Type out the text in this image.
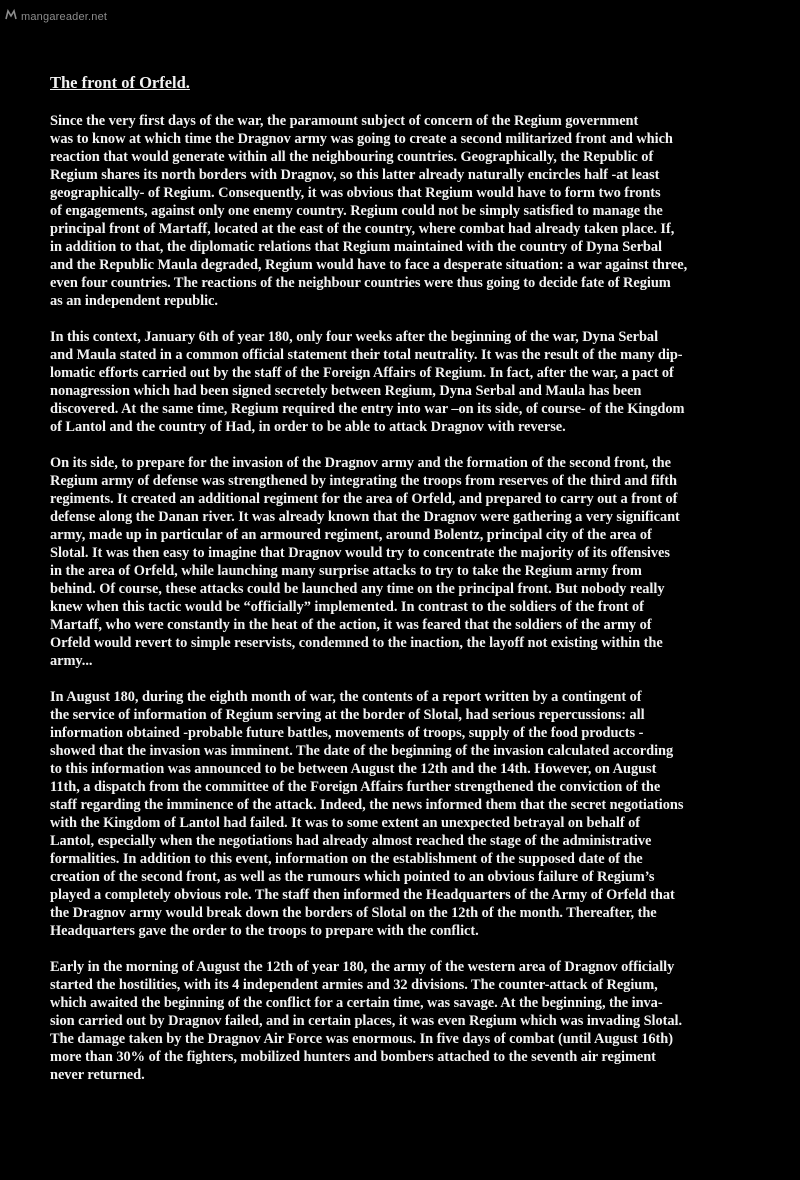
mangareader.net
The front of Orfeld.
Since the very first days of the war, the paramount subject of concern of the Regium government
was to know at which time the Dragnov army was going to create a second militarized front and which
reaction that would generate within all the neighbouring countries. Geographically, the Republic of
Regium shares its north borders with Dragnov, so this latter already naturally encircles half -at least
geographically- of Regium. Consequently, it was obvious that Regium would have to form two fronts
of engagements, against only one enemy country. Regium could not be simply satisfied to manage the
principal front of Martaff, located at the east of the country, where combat had already taken place. If,
in addition to that, the diplomatic relations that Regium maintained with the country of Dyna Serbal
and the Republic Maula degraded, Regium would have to face a desperate situation: a war against three,
even four countries. The reactions of the neighbour countries were thus going to decide fate of Regium
as an independent republic.
In this context, January 6th of year 180, only four weeks after the beginning of the war, Dyna Serbal
and Maula stated in a common official statement their total neutrality. It was the result of the many dip-
lomatic efforts carried out by the staff of the Foreign Affairs of Regium. In fact, after the war, a pact of
nonagression which had been signed secretely between Regium, Dyna Serbal and Maula has been
discovered. At the same time, Regium required the entry into war –on its side, of course- of the Kingdom
of Lantol and the country of Had, in order to be able to attack Dragnov with reverse.
On its side, to prepare for the invasion of the Dragnov army and the formation of the second front, the
Regium army of defense was strengthened by integrating the troops from reserves of the third and fifth
regiments. It created an additional regiment for the area of Orfeld, and prepared to carry out a front of
defense along the Danan river. It was already known that the Dragnov were gathering a very significant
army, made up in particular of an armoured regiment, around Bolentz, principal city of the area of
Slotal. It was then easy to imagine that Dragnov would try to concentrate the majority of its offensives
in the area of Orfeld, while launching many surprise attacks to try to take the Regium army from
behind. Of course, these attacks could be launched any time on the principal front. But nobody really
knew when this tactic would be “officially” implemented. In contrast to the soldiers of the front of
Martaff, who were constantly in the heat of the action, it was feared that the soldiers of the army of
Orfeld would revert to simple reservists, condemned to the inaction, the layoff not existing within the
army...
In August 180, during the eighth month of war, the contents of a report written by a contingent of
the service of information of Regium serving at the border of Slotal, had serious repercussions: all
information obtained -probable future battles, movements of troops, supply of the food products -
showed that the invasion was imminent. The date of the beginning of the invasion calculated according
to this information was announced to be between August the 12th and the 14th. However, on August
11th, a dispatch from the committee of the Foreign Affairs further strengthened the conviction of the
staff regarding the imminence of the attack. Indeed, the news informed them that the secret negotiations
with the Kingdom of Lantol had failed. It was to some extent an unexpected betrayal on behalf of
Lantol, especially when the negotiations had already almost reached the stage of the administrative
formalities. In addition to this event, information on the establishment of the supposed date of the
creation of the second front, as well as the rumours which pointed to an obvious failure of Regium’s
played a completely obvious role. The staff then informed the Headquarters of the Army of Orfeld that
the Dragnov army would break down the borders of Slotal on the 12th of the month. Thereafter, the
Headquarters gave the order to the troops to prepare with the conflict.
Early in the morning of August the 12th of year 180, the army of the western area of Dragnov officially
started the hostilities, with its 4 independent armies and 32 divisions. The counter-attack of Regium,
which awaited the beginning of the conflict for a certain time, was savage. At the beginning, the inva-
sion carried out by Dragnov failed, and in certain places, it was even Regium which was invading Slotal.
The damage taken by the Dragnov Air Force was enormous. In five days of combat (until August 16th)
more than 30% of the fighters, mobilized hunters and bombers attached to the seventh air regiment
never returned.
